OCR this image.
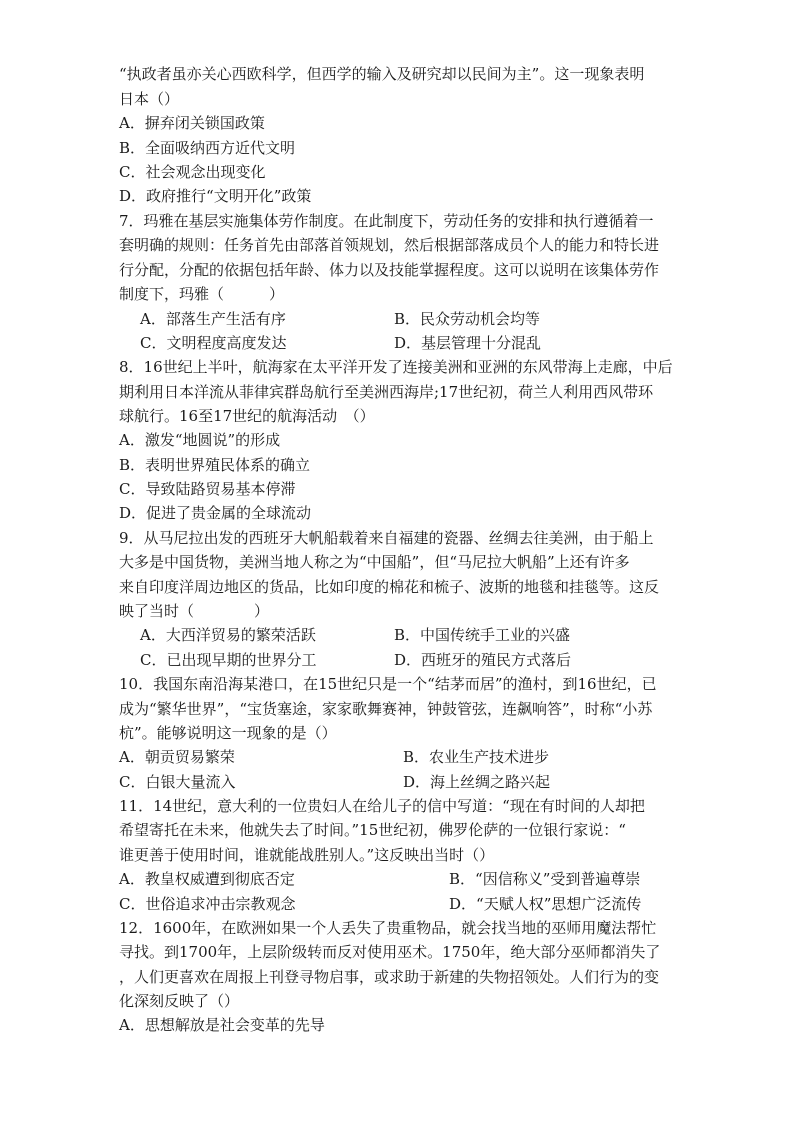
“执政者虽亦关心西欧科学，但西学的输入及研究却以民间为主”。这一现象表明
日本（）
A．摒弃闭关锁国政策
B．全面吸纳西方近代文明
C．社会观念出现变化
D．政府推行“文明开化”政策
7．玛雅在基层实施集体劳作制度。在此制度下，劳动任务的安排和执行遵循着一
套明确的规则：任务首先由部落首领规划，然后根据部落成员个人的能力和特长进
行分配，分配的依据包括年龄、体力以及技能掌握程度。这可以说明在该集体劳作
制度下，玛雅（　　　）
A．部落生产生活有序	B．民众劳动机会均等
C．文明程度高度发达	D．基层管理十分混乱
8．16世纪上半叶，航海家在太平洋开发了连接美洲和亚洲的东风带海上走廊，中后
期利用日本洋流从菲律宾群岛航行至美洲西海岸;17世纪初，荷兰人利用西风带环
球航行。16至17世纪的航海活动　（）
A．激发“地圆说”的形成
B．表明世界殖民体系的确立
C．导致陆路贸易基本停滞
D．促进了贵金属的全球流动
9．从马尼拉出发的西班牙大帆船载着来自福建的瓷器、丝绸去往美洲，由于船上
大多是中国货物，美洲当地人称之为“中国船”，但“马尼拉大帆船”上还有许多
来自印度洋周边地区的货品，比如印度的棉花和梳子、波斯的地毯和挂毯等。这反
映了当时（　　　　）
A．大西洋贸易的繁荣活跃	B．中国传统手工业的兴盛
C．已出现早期的世界分工	D．西班牙的殖民方式落后
10．我国东南沿海某港口，在15世纪只是一个“结茅而居”的渔村，到16世纪，已
成为“繁华世界”，“宝货塞途，家家歌舞赛神，钟鼓管弦，连飙响答”，时称“小苏
杭”。能够说明这一现象的是（）
A．朝贡贸易繁荣	B．农业生产技术进步
C．白银大量流入	D．海上丝绸之路兴起
11．14世纪，意大利的一位贵妇人在给儿子的信中写道：“现在有时间的人却把
希望寄托在未来，他就失去了时间。”15世纪初，佛罗伦萨的一位银行家说：“
谁更善于使用时间，谁就能战胜别人。”这反映出当时（）
A．教皇权威遭到彻底否定	B．“因信称义”受到普遍尊崇
C．世俗追求冲击宗教观念	D．“天赋人权”思想广泛流传
12．1600年，在欧洲如果一个人丢失了贵重物品，就会找当地的巫师用魔法帮忙
寻找。到1700年，上层阶级转而反对使用巫术。1750年，绝大部分巫师都消失了
，人们更喜欢在周报上刊登寻物启事，或求助于新建的失物招领处。人们行为的变
化深刻反映了（）
A．思想解放是社会变革的先导
